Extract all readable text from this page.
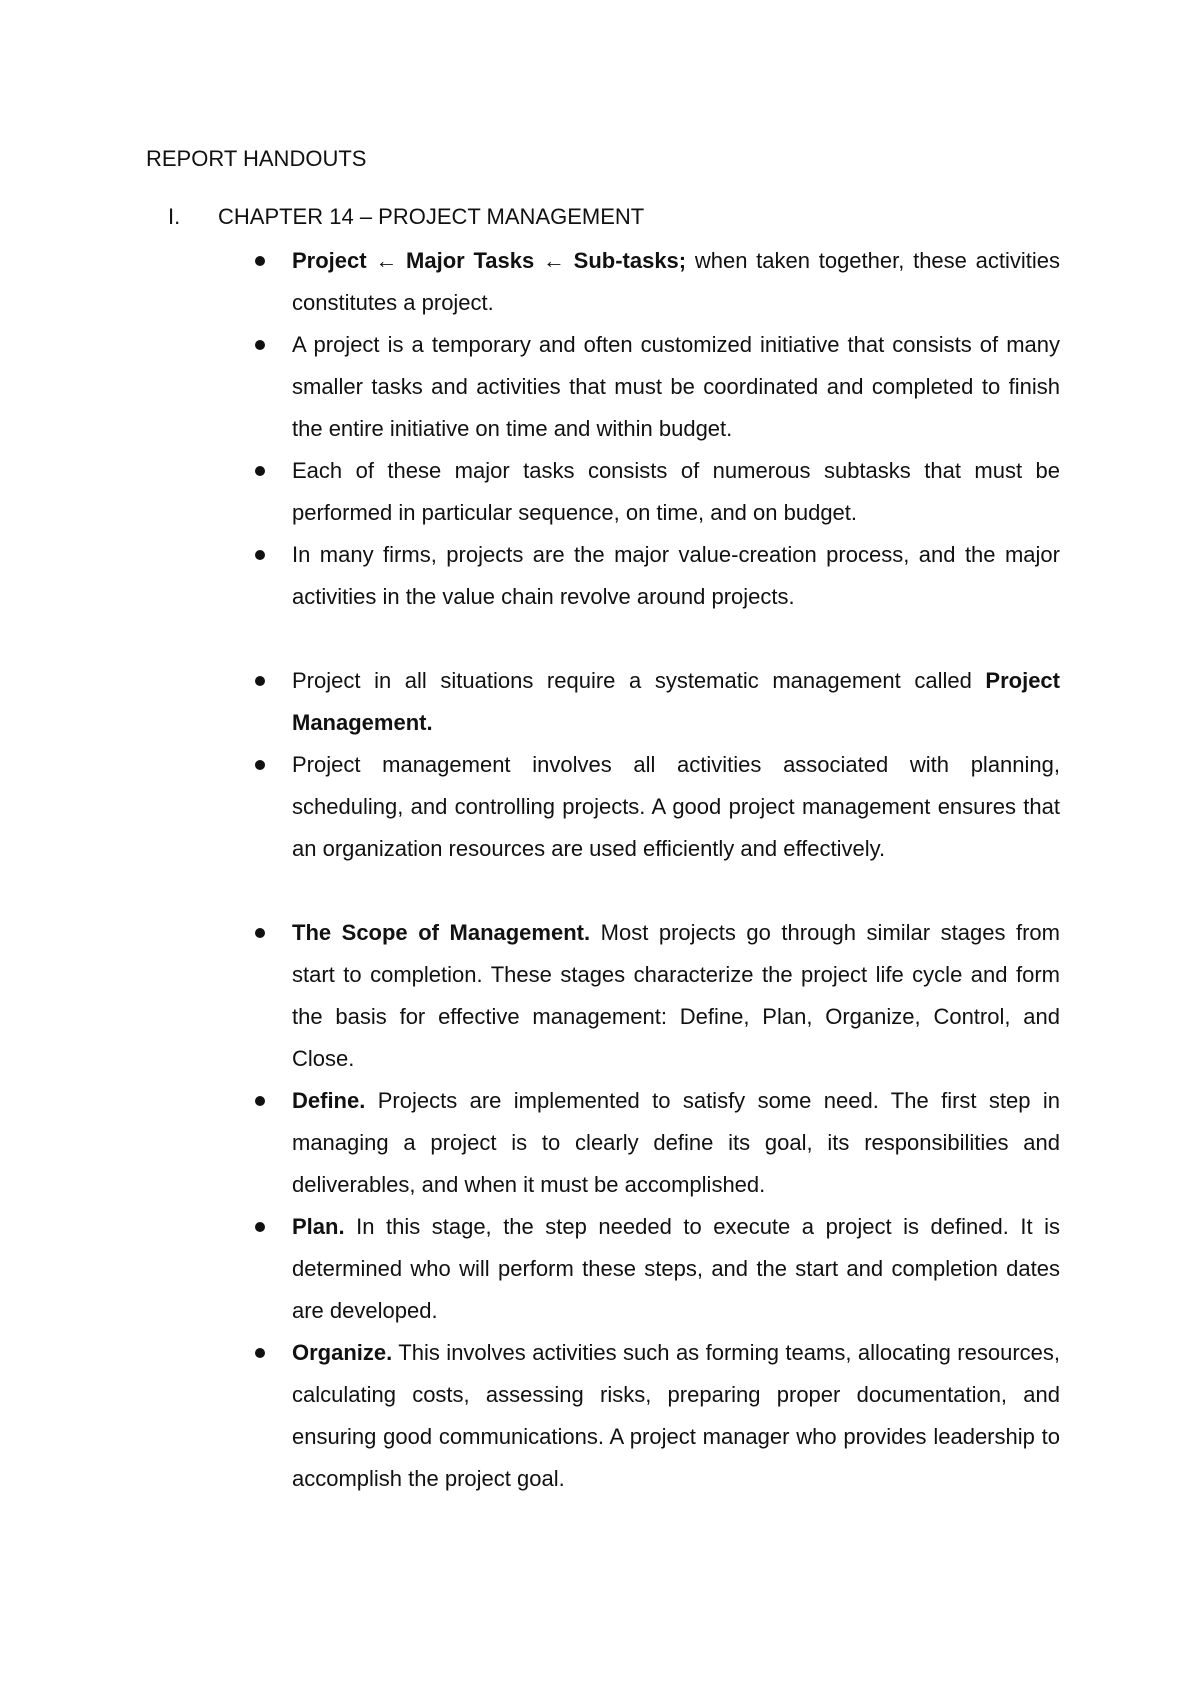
REPORT HANDOUTS
I. CHAPTER 14 – PROJECT MANAGEMENT
Project ← Major Tasks ← Sub-tasks; when taken together, these activities constitutes a project.
A project is a temporary and often customized initiative that consists of many smaller tasks and activities that must be coordinated and completed to finish the entire initiative on time and within budget.
Each of these major tasks consists of numerous subtasks that must be performed in particular sequence, on time, and on budget.
In many firms, projects are the major value-creation process, and the major activities in the value chain revolve around projects.
Project in all situations require a systematic management called Project Management.
Project management involves all activities associated with planning, scheduling, and controlling projects. A good project management ensures that an organization resources are used efficiently and effectively.
The Scope of Management. Most projects go through similar stages from start to completion. These stages characterize the project life cycle and form the basis for effective management: Define, Plan, Organize, Control, and Close.
Define. Projects are implemented to satisfy some need. The first step in managing a project is to clearly define its goal, its responsibilities and deliverables, and when it must be accomplished.
Plan. In this stage, the step needed to execute a project is defined. It is determined who will perform these steps, and the start and completion dates are developed.
Organize. This involves activities such as forming teams, allocating resources, calculating costs, assessing risks, preparing proper documentation, and ensuring good communications. A project manager who provides leadership to accomplish the project goal.
